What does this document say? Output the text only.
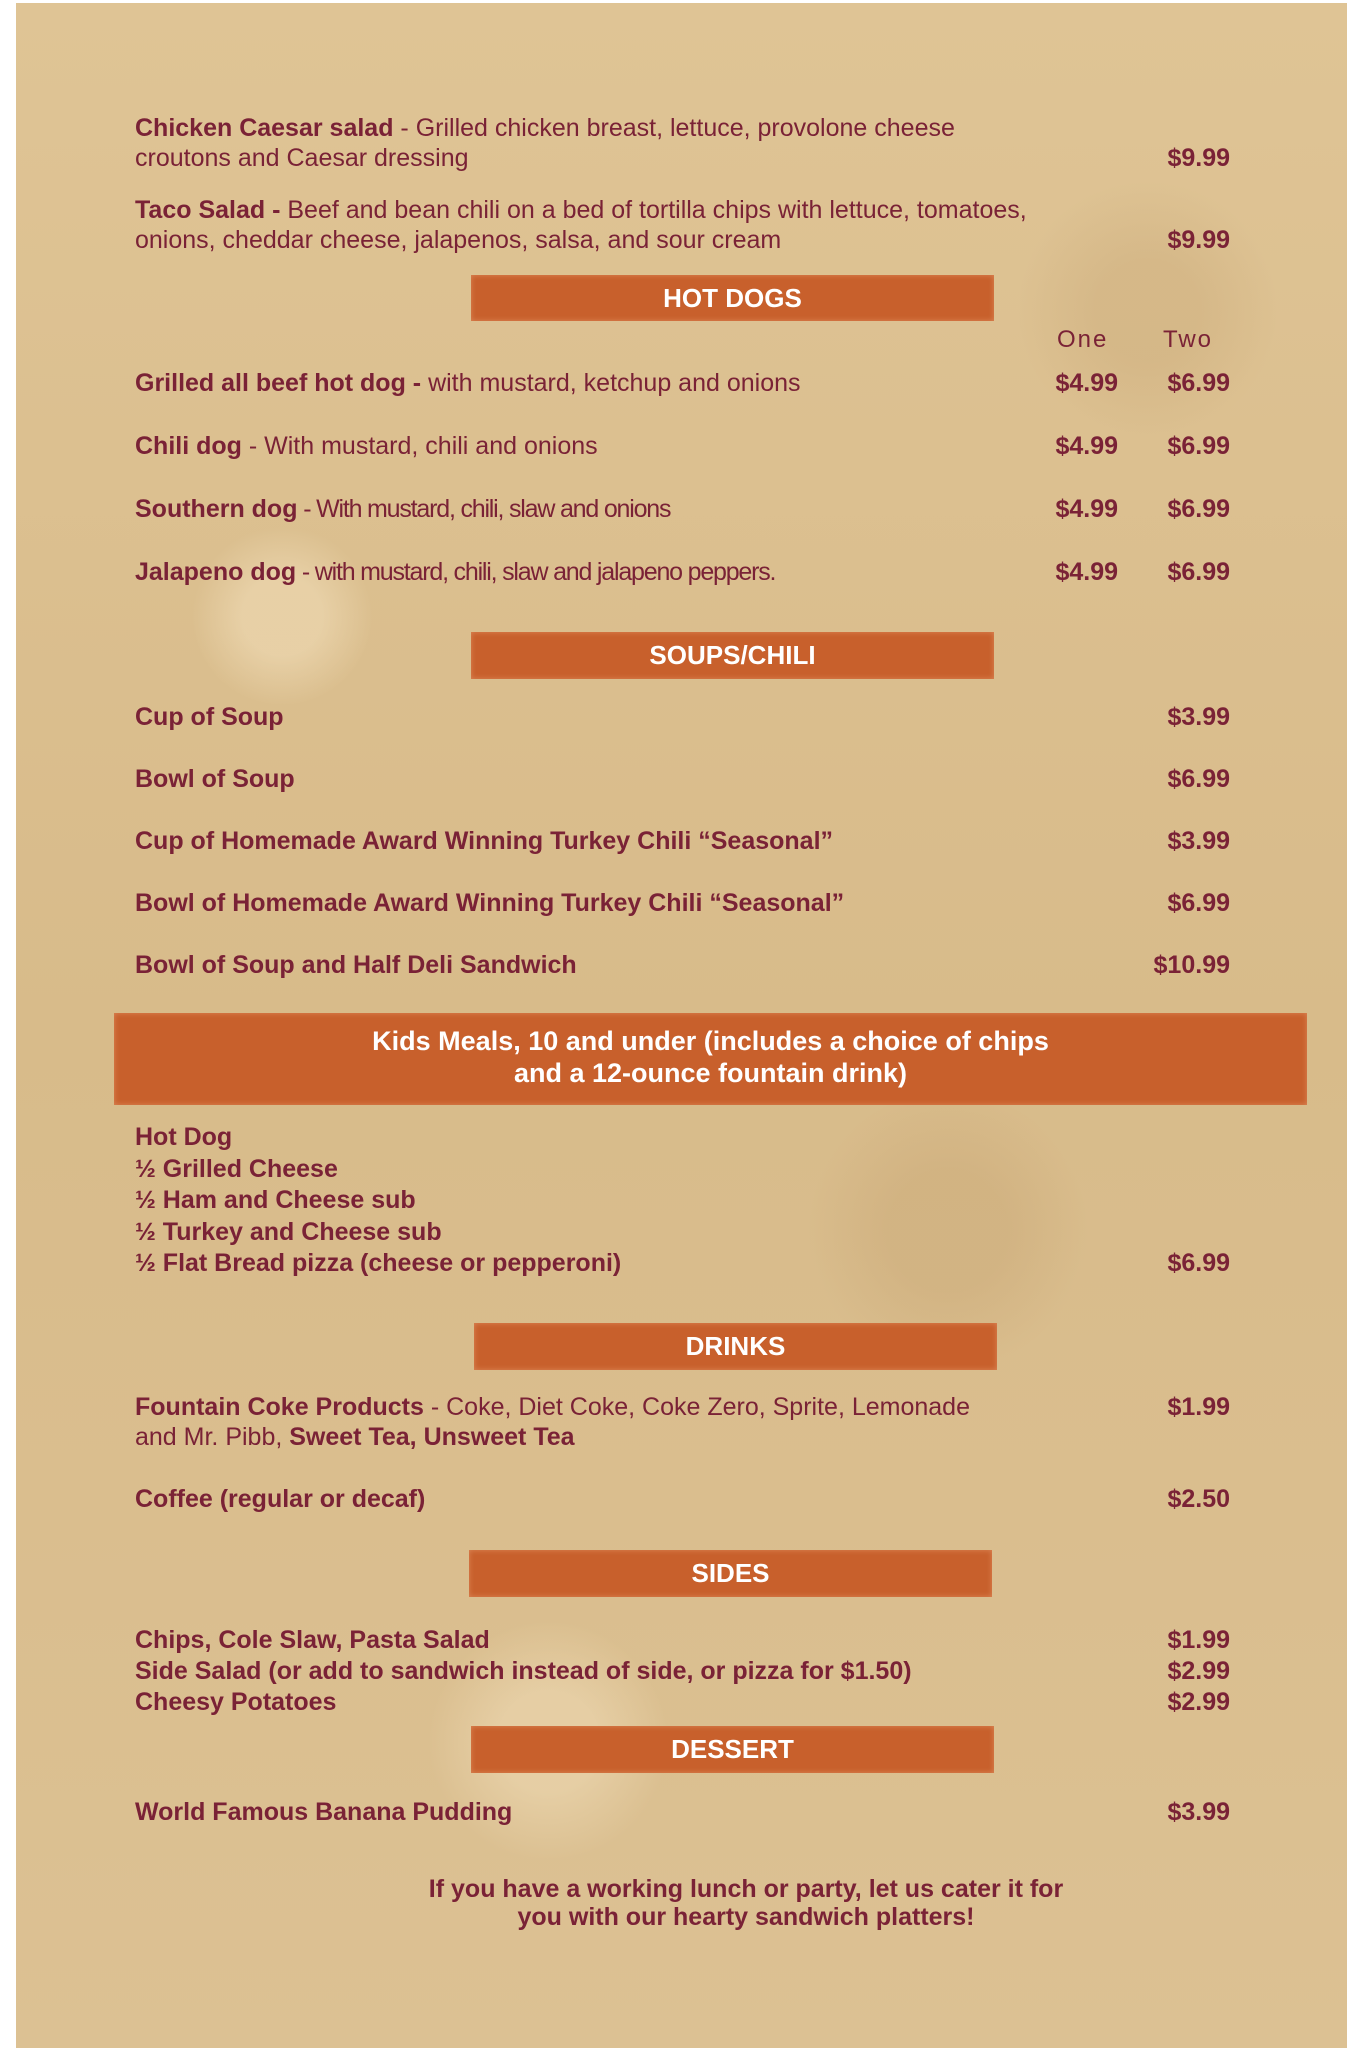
Chicken Caesar salad - Grilled chicken breast, lettuce, provolone cheese
croutons and Caesar dressing	$9.99
Taco Salad - Beef and bean chili on a bed of tortilla chips with lettuce, tomatoes,
onions, cheddar cheese, jalapenos, salsa, and sour cream	$9.99
HOT DOGS
One Two
Grilled all beef hot dog - with mustard, ketchup and onions	$4.99 $6.99
Chili dog - With mustard, chili and onions	$4.99 $6.99
Southern dog - With mustard, chili, slaw and onions	$4.99 $6.99
Jalapeno dog - with mustard, chili, slaw and jalapeno peppers.	$4.99 $6.99
SOUPS/CHILI
Cup of Soup	$3.99
Bowl of Soup	$6.99
Cup of Homemade Award Winning Turkey Chili “Seasonal”	$3.99
Bowl of Homemade Award Winning Turkey Chili “Seasonal”	$6.99
Bowl of Soup and Half Deli Sandwich	$10.99
Kids Meals, 10 and under (includes a choice of chips
and a 12-ounce fountain drink)
Hot Dog
½ Grilled Cheese
½ Ham and Cheese sub
½ Turkey and Cheese sub
½ Flat Bread pizza (cheese or pepperoni)	$6.99
DRINKS
Fountain Coke Products - Coke, Diet Coke, Coke Zero, Sprite, Lemonade
and Mr. Pibb, Sweet Tea, Unsweet Tea
$1.99
Coffee (regular or decaf)	$2.50
SIDES
Chips, Cole Slaw, Pasta Salad	$1.99
Side Salad (or add to sandwich instead of side, or pizza for $1.50)	$2.99
Cheesy Potatoes	$2.99
DESSERT
World Famous Banana Pudding	$3.99
If you have a working lunch or party, let us cater it for
you with our hearty sandwich platters!
